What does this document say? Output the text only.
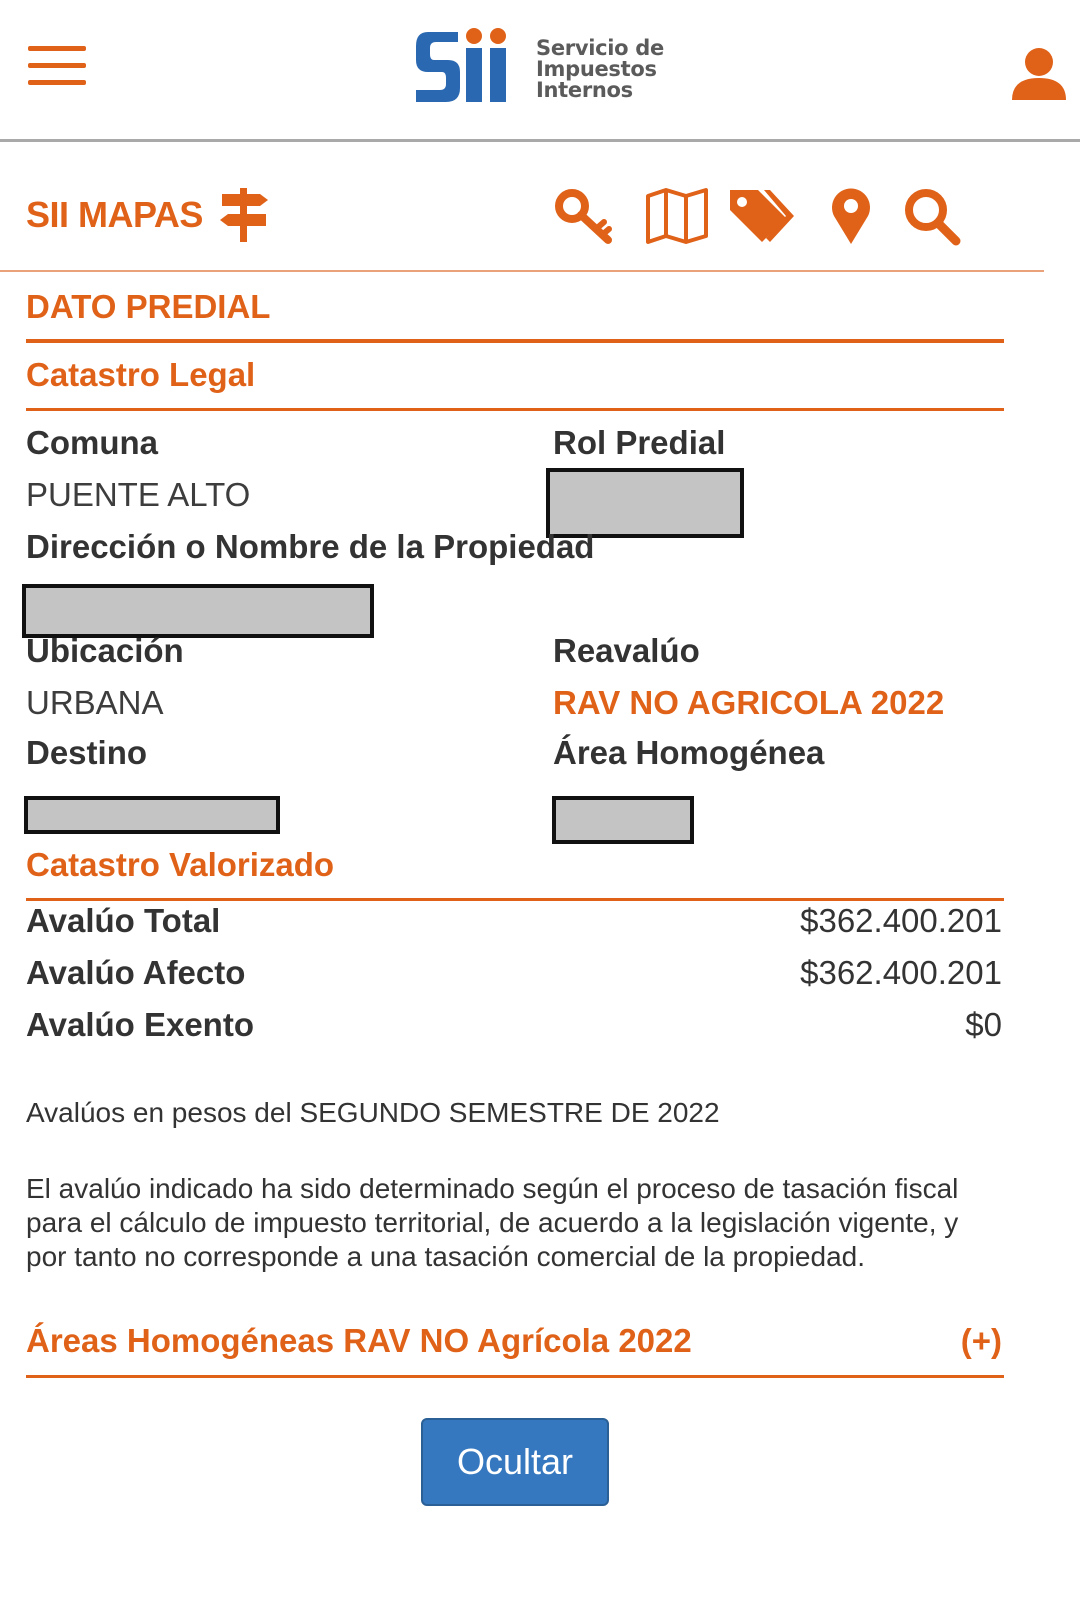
Servicio de
Impuestos
Internos
SII MAPAS
DATO PREDIAL
Catastro Legal
Comuna
PUENTE ALTO
Rol Predial
Dirección o Nombre de la Propiedad
Ubicación
URBANA
Reavalúo
RAV NO AGRICOLA 2022
Destino	Área Homogénea
Catastro Valorizado
Avalúo Total	$362.400.201
Avalúo Afecto	$362.400.201
Avalúo Exento	$0
Avalúos en pesos del SEGUNDO SEMESTRE DE 2022
El avalúo indicado ha sido determinado según el proceso de tasación fiscal para el cálculo de impuesto territorial, de acuerdo a la legislación vigente, y por tanto no corresponde a una tasación comercial de la propiedad.
Áreas Homogéneas RAV NO Agrícola 2022	(+)
Ocultar
